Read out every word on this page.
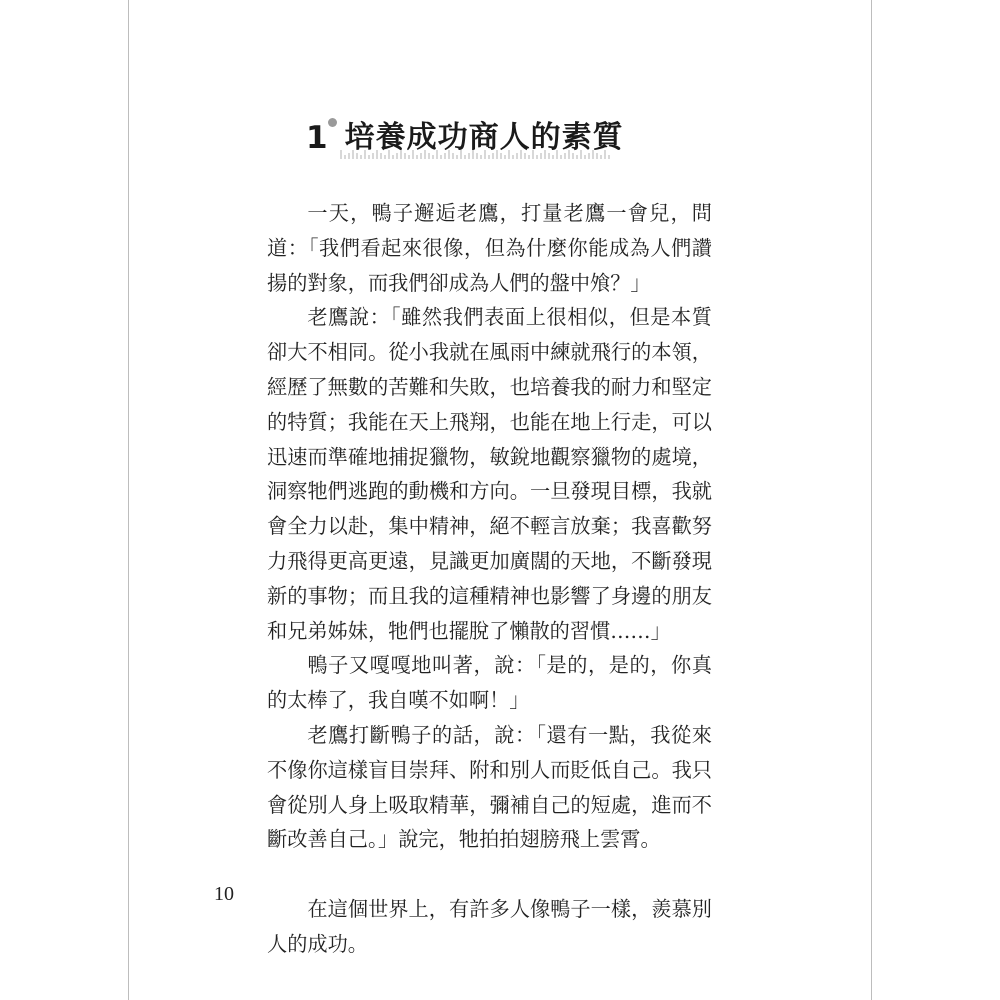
1 培養成功商人的素質

一天，鴨子邂逅老鷹，打量老鷹一會兒，問道：「我們看起來很像，但為什麼你能成為人們讚揚的對象，而我們卻成為人們的盤中飧？」

老鷹說：「雖然我們表面上很相似，但是本質卻大不相同。從小我就在風雨中練就飛行的本領，經歷了無數的苦難和失敗，也培養我的耐力和堅定的特質；我能在天上飛翔，也能在地上行走，可以迅速而準確地捕捉獵物，敏銳地觀察獵物的處境，洞察牠們逃跑的動機和方向。一旦發現目標，我就會全力以赴，集中精神，絕不輕言放棄；我喜歡努力飛得更高更遠，見識更加廣闊的天地，不斷發現新的事物；而且我的這種精神也影響了身邊的朋友和兄弟姊妹，牠們也擺脫了懶散的習慣……」

鴨子又嘎嘎地叫著，說：「是的，是的，你真的太棒了，我自嘆不如啊！」

老鷹打斷鴨子的話，說：「還有一點，我從來不像你這樣盲目崇拜、附和別人而貶低自己。我只會從別人身上吸取精華，彌補自己的短處，進而不斷改善自己。」說完，牠拍拍翅膀飛上雲霄。

在這個世界上，有許多人像鴨子一樣，羨慕別人的成功。

10
